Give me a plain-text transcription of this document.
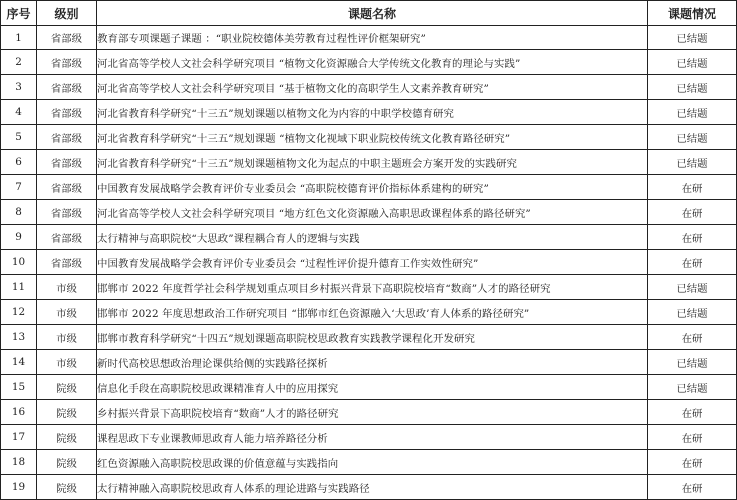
序号	级别	课题名称	课题情况
1	省部级	教育部专项课题子课题 ：“职业院校德体美劳教育过程性评价框架研究”	已结题
2	省部级	河北省高等学校人文社会科学研究项目 “植物文化资源融合大学传统文化教育的理论与实践”	已结题
3	省部级	河北省高等学校人文社会科学研究项目 “基于植物文化的高职学生人文素养教育研究”	已结题
4	省部级	河北省教育科学研究“十三五”规划课题以植物文化为内容的中职学校德育研究	已结题
5	省部级	河北省教育科学研究“十三五”规划课题 “植物文化视域下职业院校传统文化教育路径研究”	已结题
6	省部级	河北省教育科学研究“十三五”规划课题植物文化为起点的中职主题班会方案开发的实践研究	已结题
7	省部级	中国教育发展战略学会教育评价专业委员会 “高职院校德育评价指标体系建构的研究”	在研
8	省部级	河北省高等学校人文社会科学研究项目 “地方红色文化资源融入高职思政课程体系的路径研究”	在研
9	省部级	太行精神与高职院校“大思政”课程耦合育人的逻辑与实践	在研
10	省部级	中国教育发展战略学会教育评价专业委员会 “过程性评价提升德育工作实效性研究”	在研
11	市级	邯郸市 2022 年度哲学社会科学规划重点项目乡村振兴背景下高职院校培育“数商”人才的路径研究	已结题
12	市级	邯郸市 2022 年度思想政治工作研究项目 “邯郸市红色资源融入‘大思政’育人体系的路径研究”	已结题
13	市级	邯郸市教育科学研究“十四五”规划课题高职院校思政教育实践教学课程化开发研究	在研
14	市级	新时代高校思想政治理论课供给侧的实践路径探析	已结题
15	院级	信息化手段在高职院校思政课精准育人中的应用探究	已结题
16	院级	乡村振兴背景下高职院校培育“数商”人才的路径研究	在研
17	院级	课程思政下专业课教师思政育人能力培养路径分析	在研
18	院级	红色资源融入高职院校思政课的价值意蕴与实践指向	在研
19	院级	太行精神融入高职院校思政育人体系的理论进路与实践路径	在研
